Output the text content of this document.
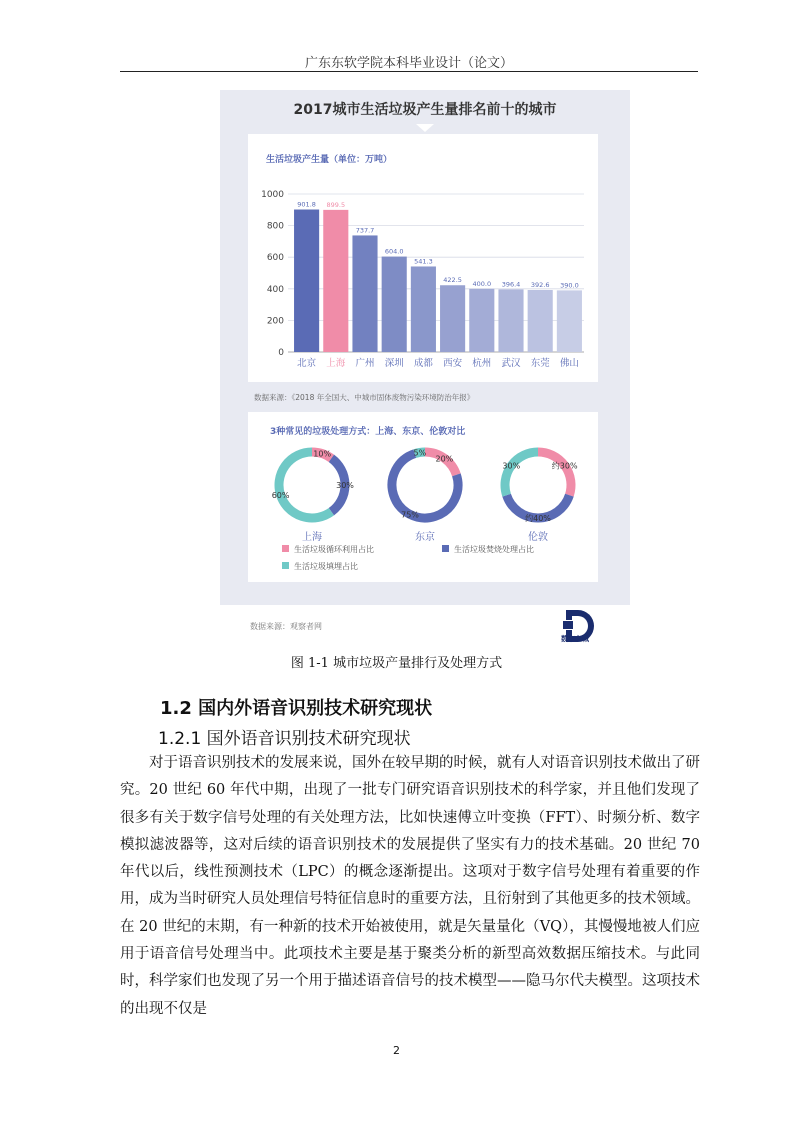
广东东软学院本科毕业设计（论文）
2017城市生活垃圾产生量排名前十的城市
生活垃圾产生量（单位：万吨）
0
200
400
600
800
1000
901.8 899.5
737.7
604.0
541.3
422.5 400.0 396.4 392.6 390.0
北京 上海 广州 深圳 成都 西安 杭州 武汉 东莞 佛山
数据来源：《2018 年全国大、中城市固体废物污染环境防治年报》
3种常见的垃圾处理方式：上海、东京、伦敦对比
10%
30%
60%
上海
20%
75%
5%
东京
约30%
约40%
30%
伦敦
生活垃圾循环利用占比	生活垃圾焚烧处理占比
生活垃圾填埋占比
数据来源：观察者网
数字之城
图 1-1 城市垃圾产量排行及处理方式
1.2 国内外语音识别技术研究现状
1.2.1 国外语音识别技术研究现状

对于语音识别技术的发展来说，国外在较早期的时候，就有人对语音识别技术做出了研究。20 世纪 60 年代中期，出现了一批专门研究语音识别技术的科学家，并且他们发现了很多有关于数字信号处理的有关处理方法，比如快速傅立叶变换（FFT）、时频分析、数字模拟滤波器等，这对后续的语音识别技术的发展提供了坚实有力的技术基础。20 世纪 70 年代以后，线性预测技术（LPC）的概念逐渐提出。这项对于数字信号处理有着重要的作用，成为当时研究人员处理信号特征信息时的重要方法，且衍射到了其他更多的技术领域。在 20 世纪的末期，有一种新的技术开始被使用，就是矢量量化（VQ），其慢慢地被人们应用于语音信号处理当中。此项技术主要是基于聚类分析的新型高效数据压缩技术。与此同时，科学家们也发现了另一个用于描述语音信号的技术模型——隐马尔代夫模型。这项技术的出现不仅是

2
